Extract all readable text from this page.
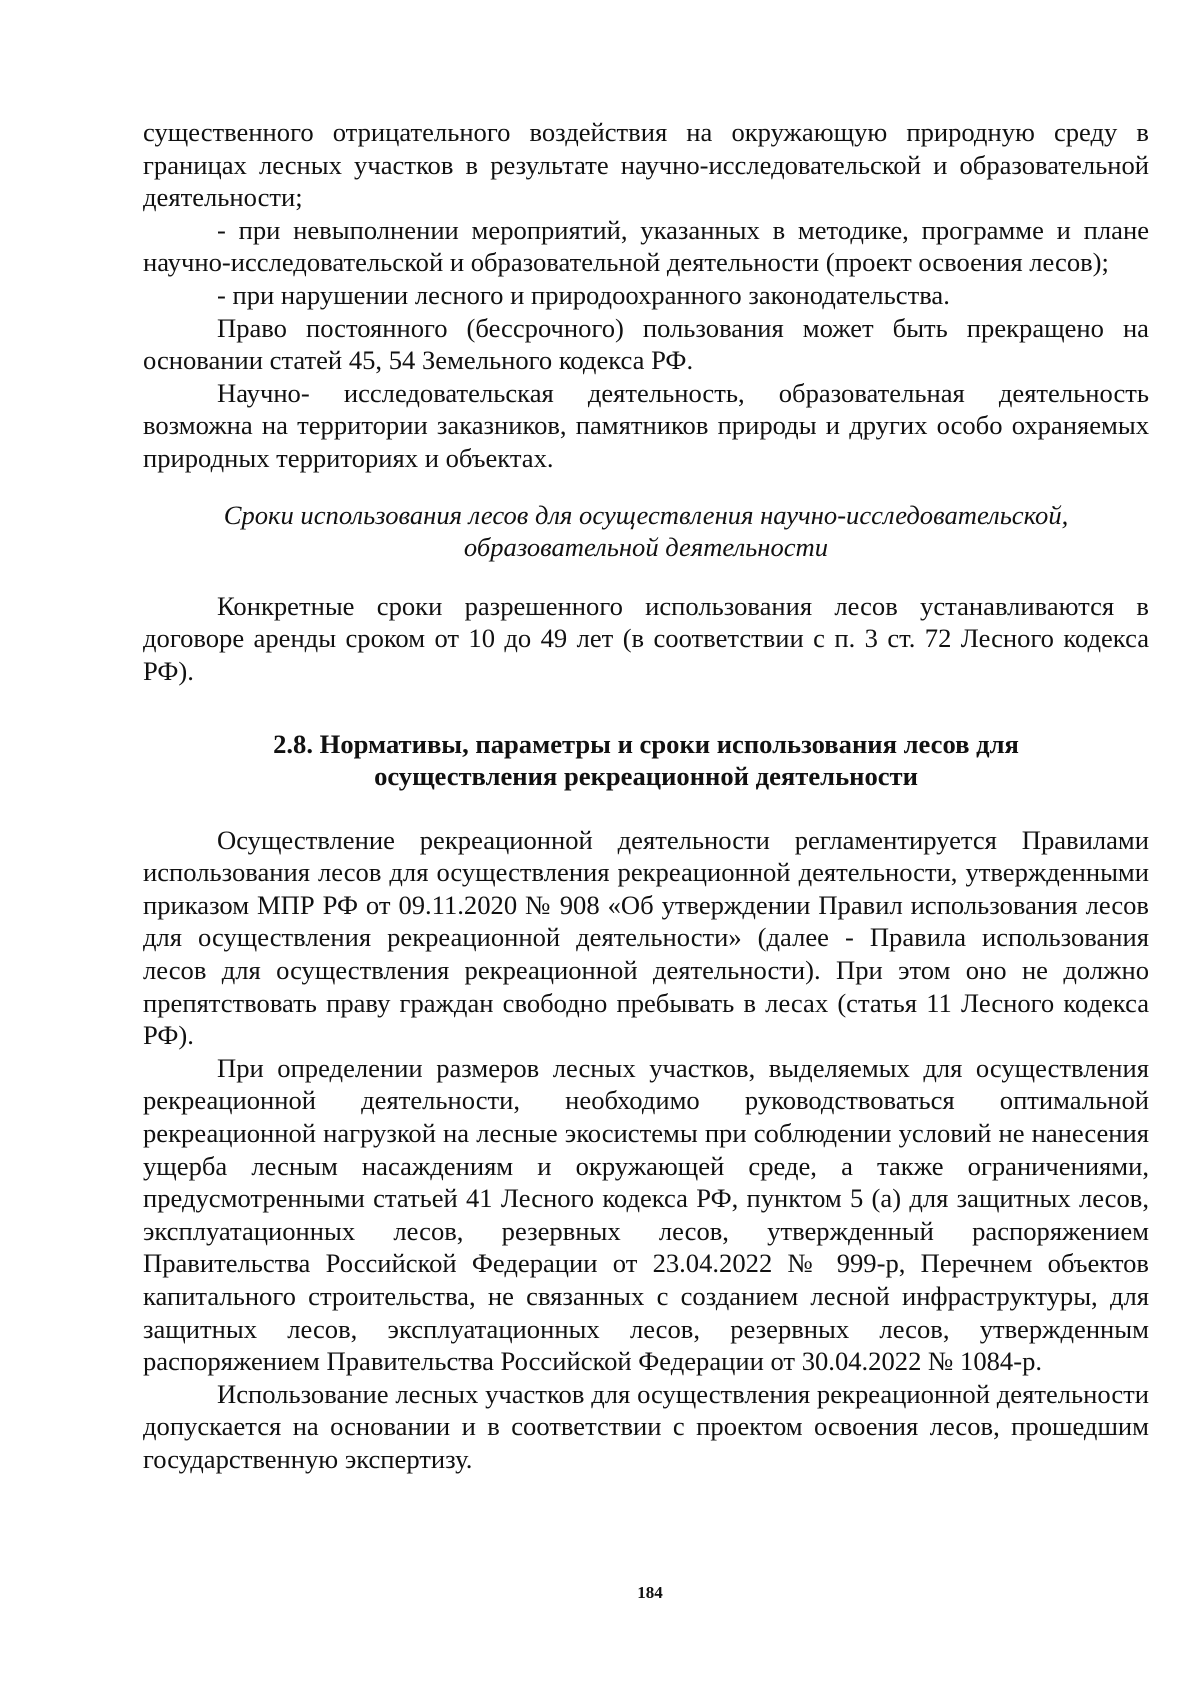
существенного отрицательного воздействия на окружающую природную среду в границах лесных участков в результате научно-исследовательской и образовательной деятельности;

- при невыполнении мероприятий, указанных в методике, программе и плане научно-исследовательской и образовательной деятельности (проект освоения лесов);

- при нарушении лесного и природоохранного законодательства.

Право постоянного (бессрочного) пользования может быть прекращено на основании статей 45, 54 Земельного кодекса РФ.

Научно- исследовательская деятельность, образовательная деятельность возможна на территории заказников, памятников природы и других особо охраняемых природных территориях и объектах.

Сроки использования лесов для осуществления научно-исследовательской,
образовательной деятельности

Конкретные сроки разрешенного использования лесов устанавливаются в договоре аренды сроком от 10 до 49 лет (в соответствии с п. 3 ст. 72 Лесного кодекса РФ).

2.8. Нормативы, параметры и сроки использования лесов для
осуществления рекреационной деятельности

Осуществление рекреационной деятельности регламентируется Правилами использования лесов для осуществления рекреационной деятельности, утвержденными приказом МПР РФ от 09.11.2020 № 908 «Об утверждении Правил использования лесов для осуществления рекреационной деятельности» (далее - Правила использования лесов для осуществления рекреационной деятельности). При этом оно не должно препятствовать праву граждан свободно пребывать в лесах (статья 11 Лесного кодекса РФ).

При определении размеров лесных участков, выделяемых для осуществления рекреационной деятельности, необходимо руководствоваться оптимальной рекреационной нагрузкой на лесные экосистемы при соблюдении условий не нанесения ущерба лесным насаждениям и окружающей среде, а также ограничениями, предусмотренными статьей 41 Лесного кодекса РФ, пунктом 5 (а) для защитных лесов, эксплуатационных лесов, резервных лесов, утвержденный распоряжением Правительства Российской Федерации от 23.04.2022 № 999-р, Перечнем объектов капитального строительства, не связанных с созданием лесной инфраструктуры, для защитных лесов, эксплуатационных лесов, резервных лесов, утвержденным распоряжением Правительства Российской Федерации от 30.04.2022 № 1084-р.

Использование лесных участков для осуществления рекреационной деятельности допускается на основании и в соответствии с проектом освоения лесов, прошедшим государственную экспертизу.

184
